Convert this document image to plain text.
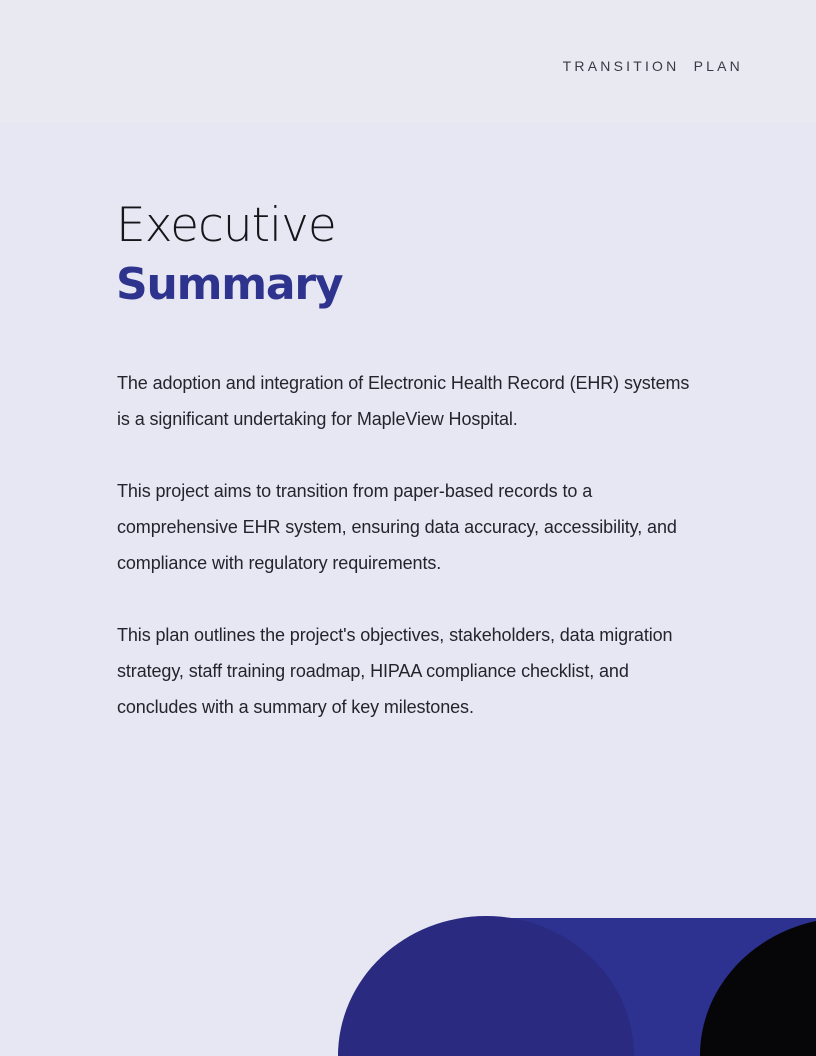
TRANSITION  PLAN
Executive
Summary

The adoption and integration of Electronic Health Record (EHR) systems is a significant undertaking for MapleView Hospital.

This project aims to transition from paper-based records to a comprehensive EHR system, ensuring data accuracy, accessibility, and compliance with regulatory requirements.

This plan outlines the project's objectives, stakeholders, data migration strategy, staff training roadmap, HIPAA compliance checklist, and concludes with a summary of key milestones.
